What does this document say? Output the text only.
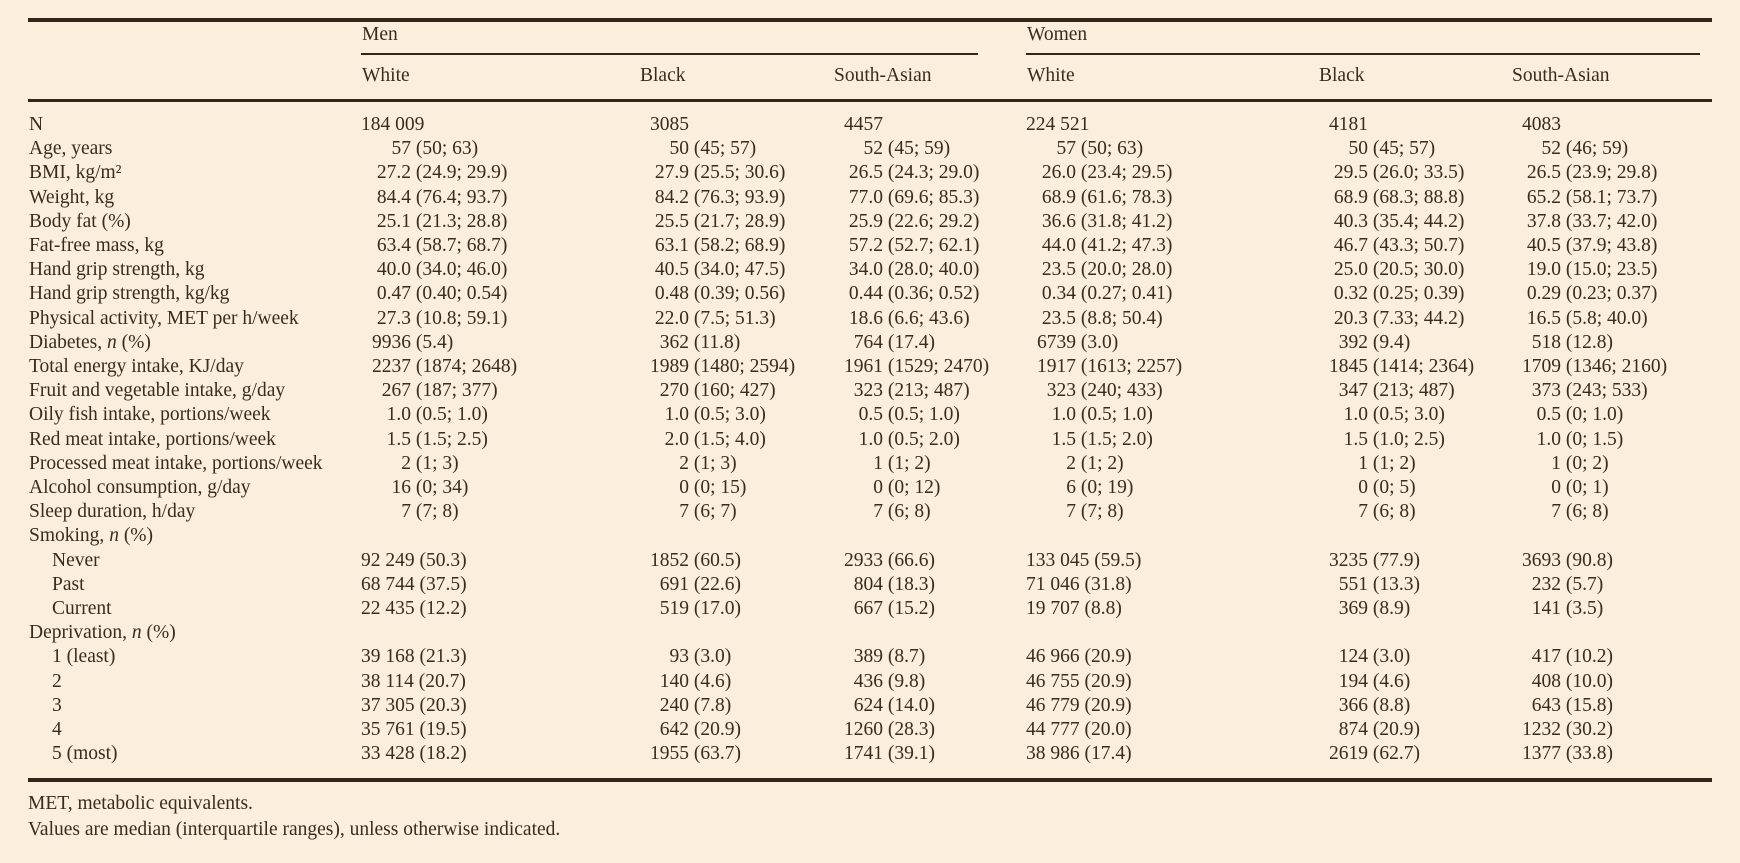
	Men			Women		

	White	Black	South-Asian	White	Black	South-Asian
N	184 009	3085	4457	224 521	4181	4083
Age, years	57 (50; 63)	50 (45; 57)	52 (45; 59)	57 (50; 63)	50 (45; 57)	52 (46; 59)
BMI, kg/m²	27.2 (24.9; 29.9)	27.9 (25.5; 30.6)	26.5 (24.3; 29.0)	26.0 (23.4; 29.5)	29.5 (26.0; 33.5)	26.5 (23.9; 29.8)
Weight, kg	84.4 (76.4; 93.7)	84.2 (76.3; 93.9)	77.0 (69.6; 85.3)	68.9 (61.6; 78.3)	68.9 (68.3; 88.8)	65.2 (58.1; 73.7)
Body fat (%)	25.1 (21.3; 28.8)	25.5 (21.7; 28.9)	25.9 (22.6; 29.2)	36.6 (31.8; 41.2)	40.3 (35.4; 44.2)	37.8 (33.7; 42.0)
Fat-free mass, kg	63.4 (58.7; 68.7)	63.1 (58.2; 68.9)	57.2 (52.7; 62.1)	44.0 (41.2; 47.3)	46.7 (43.3; 50.7)	40.5 (37.9; 43.8)
Hand grip strength, kg	40.0 (34.0; 46.0)	40.5 (34.0; 47.5)	34.0 (28.0; 40.0)	23.5 (20.0; 28.0)	25.0 (20.5; 30.0)	19.0 (15.0; 23.5)
Hand grip strength, kg/kg	0.47 (0.40; 0.54)	0.48 (0.39; 0.56)	0.44 (0.36; 0.52)	0.34 (0.27; 0.41)	0.32 (0.25; 0.39)	0.29 (0.23; 0.37)
Physical activity, MET per h/week	27.3 (10.8; 59.1)	22.0 (7.5; 51.3)	18.6 (6.6; 43.6)	23.5 (8.8; 50.4)	20.3 (7.33; 44.2)	16.5 (5.8; 40.0)
Diabetes, n (%)	9936 (5.4)	362 (11.8)	764 (17.4)	6739 (3.0)	392 (9.4)	518 (12.8)
Total energy intake, KJ/day	2237 (1874; 2648)	1989 (1480; 2594)	1961 (1529; 2470)	1917 (1613; 2257)	1845 (1414; 2364)	1709 (1346; 2160)
Fruit and vegetable intake, g/day	267 (187; 377)	270 (160; 427)	323 (213; 487)	323 (240; 433)	347 (213; 487)	373 (243; 533)
Oily fish intake, portions/week	1.0 (0.5; 1.0)	1.0 (0.5; 3.0)	0.5 (0.5; 1.0)	1.0 (0.5; 1.0)	1.0 (0.5; 3.0)	0.5 (0; 1.0)
Red meat intake, portions/week	1.5 (1.5; 2.5)	2.0 (1.5; 4.0)	1.0 (0.5; 2.0)	1.5 (1.5; 2.0)	1.5 (1.0; 2.5)	1.0 (0; 1.5)
Processed meat intake, portions/week	2 (1; 3)	2 (1; 3)	1 (1; 2)	2 (1; 2)	1 (1; 2)	1 (0; 2)
Alcohol consumption, g/day	16 (0; 34)	0 (0; 15)	0 (0; 12)	6 (0; 19)	0 (0; 5)	0 (0; 1)
Sleep duration, h/day	7 (7; 8)	7 (6; 7)	7 (6; 8)	7 (7; 8)	7 (6; 8)	7 (6; 8)
Smoking, n (%)						
Never	92 249 (50.3)	1852 (60.5)	2933 (66.6)	133 045 (59.5)	3235 (77.9)	3693 (90.8)
Past	68 744 (37.5)	691 (22.6)	804 (18.3)	71 046 (31.8)	551 (13.3)	232 (5.7)
Current	22 435 (12.2)	519 (17.0)	667 (15.2)	19 707 (8.8)	369 (8.9)	141 (3.5)
Deprivation, n (%)						
1 (least)	39 168 (21.3)	93 (3.0)	389 (8.7)	46 966 (20.9)	124 (3.0)	417 (10.2)
2	38 114 (20.7)	140 (4.6)	436 (9.8)	46 755 (20.9)	194 (4.6)	408 (10.0)
3	37 305 (20.3)	240 (7.8)	624 (14.0)	46 779 (20.9)	366 (8.8)	643 (15.8)
4	35 761 (19.5)	642 (20.9)	1260 (28.3)	44 777 (20.0)	874 (20.9)	1232 (30.2)
5 (most)	33 428 (18.2)	1955 (63.7)	1741 (39.1)	38 986 (17.4)	2619 (62.7)	1377 (33.8)
MET, metabolic equivalents.
Values are median (interquartile ranges), unless otherwise indicated.
